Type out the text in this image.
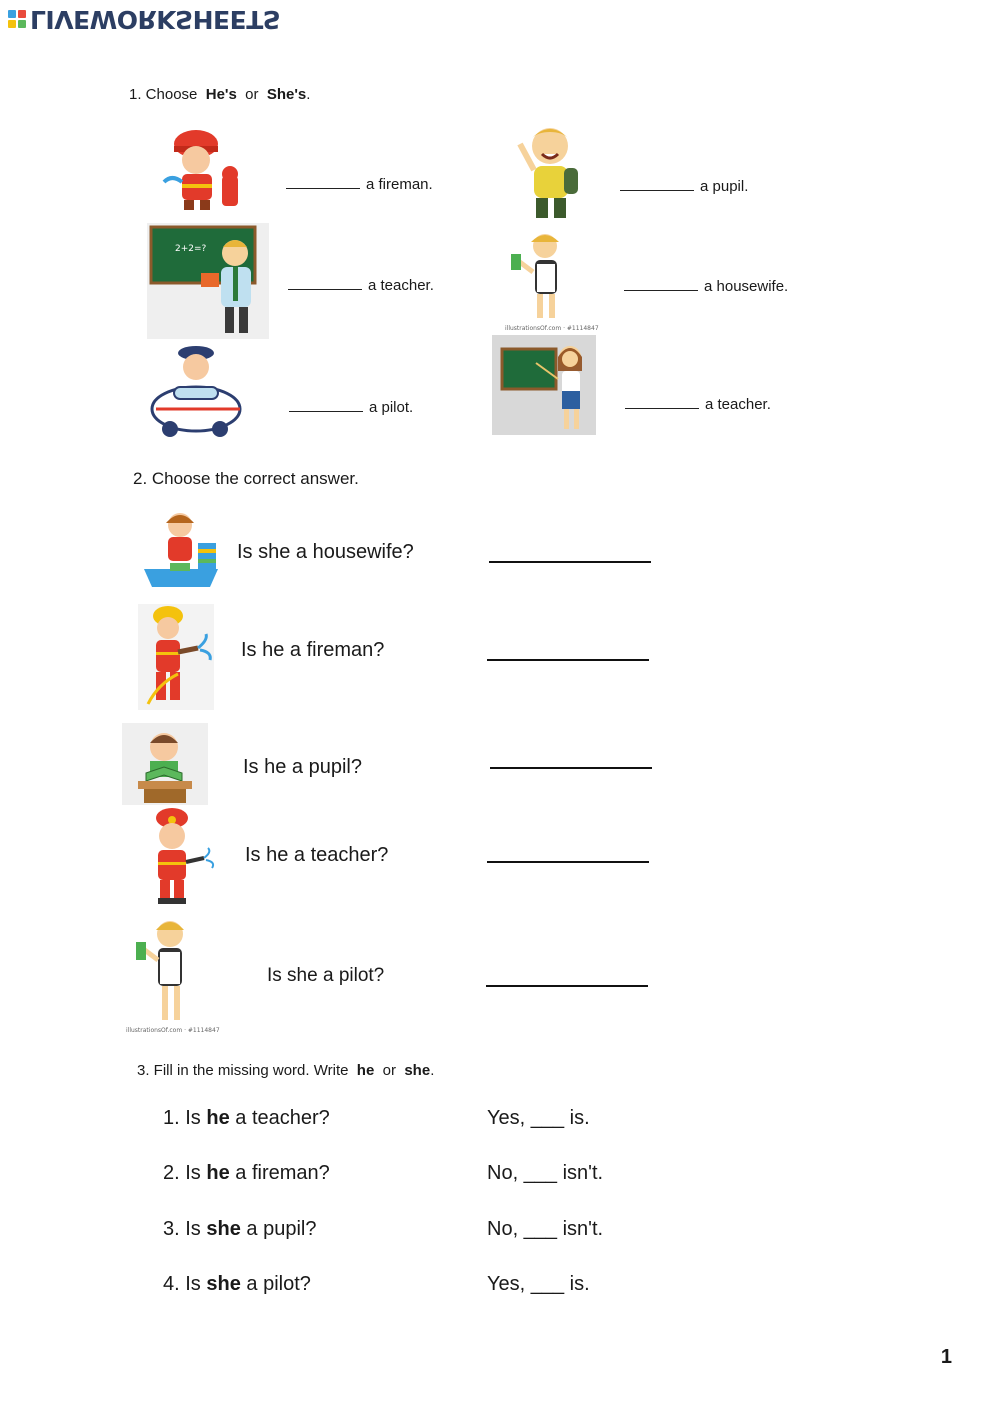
LIVEWORKSHEETS
1. Choose He's or She's.
a fireman.	a pupil.
2+2=?
a teacher.
illustrationsOf.com · #1114847
a housewife.
a pilot.	a teacher.
2. Choose the correct answer.
Is she a housewife?
Is he a fireman?
Is he a pupil?
Is he a teacher?
illustrationsOf.com · #1114847
Is she a pilot?
3. Fill in the missing word. Write he or she.
1. Is he a teacher?	Yes, ___ is.
2. Is he a fireman?	No, ___ isn't.
3. Is she a pupil?	No, ___ isn't.
4. Is she a pilot?	Yes, ___ is.
1
